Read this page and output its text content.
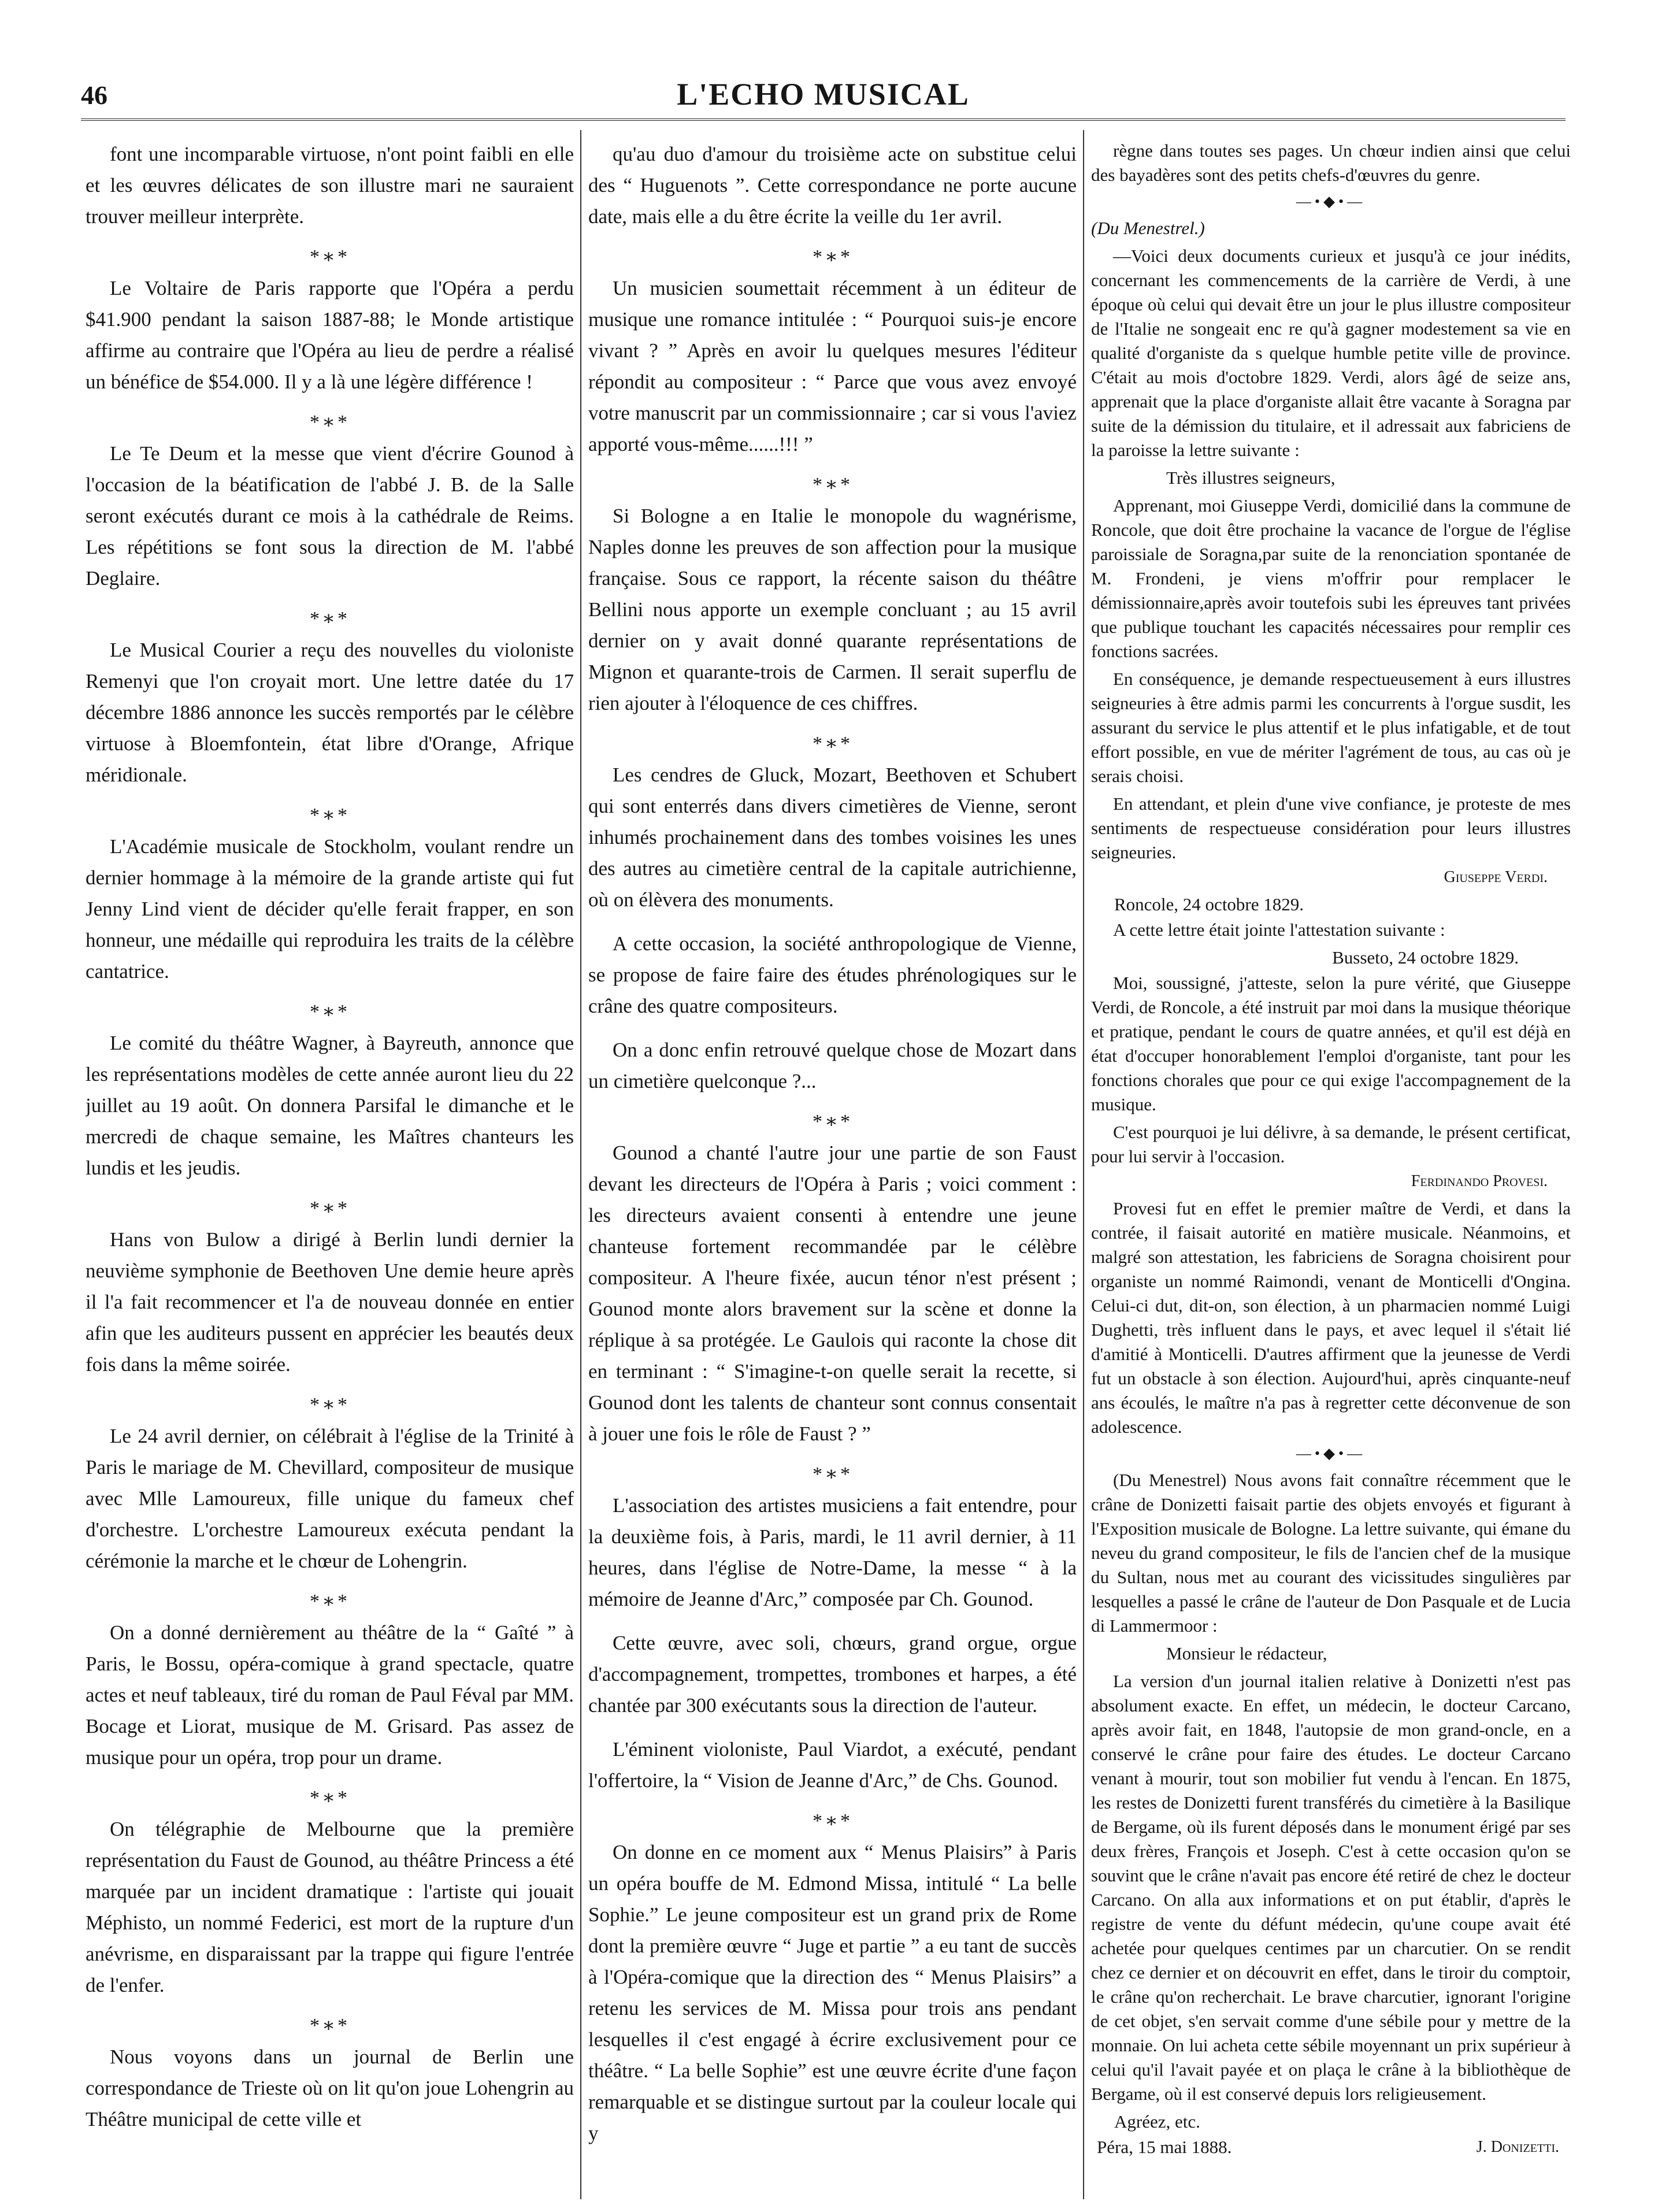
46	L'ECHO MUSICAL

font une incomparable virtuose, n'ont point faibli en elle et les œuvres délicates de son illustre mari ne sauraient trouver meilleur interprète.

*∗*

Le Voltaire de Paris rapporte que l'Opéra a perdu $41.900 pendant la saison 1887-88; le Monde artistique affirme au contraire que l'Opéra au lieu de perdre a réalisé un bénéfice de $54.000. Il y a là une légère différence !

*∗*

Le Te Deum et la messe que vient d'écrire Gounod à l'occasion de la béatification de l'abbé J. B. de la Salle seront exécutés durant ce mois à la cathédrale de Reims. Les répétitions se font sous la direction de M. l'abbé Deglaire.

*∗*

Le Musical Courier a reçu des nouvelles du violoniste Remenyi que l'on croyait mort. Une lettre datée du 17 décembre 1886 annonce les succès remportés par le célèbre virtuose à Bloemfontein, état libre d'Orange, Afrique méridionale.

*∗*

L'Académie musicale de Stockholm, voulant rendre un dernier hommage à la mémoire de la grande artiste qui fut Jenny Lind vient de décider qu'elle ferait frapper, en son honneur, une médaille qui reproduira les traits de la célèbre cantatrice.

*∗*

Le comité du théâtre Wagner, à Bayreuth, annonce que les représentations modèles de cette année auront lieu du 22 juillet au 19 août. On donnera Parsifal le dimanche et le mercredi de chaque semaine, les Maîtres chanteurs les lundis et les jeudis.

*∗*

Hans von Bulow a dirigé à Berlin lundi dernier la neuvième symphonie de Beethoven Une demie heure après il l'a fait recommencer et l'a de nouveau donnée en entier afin que les auditeurs pussent en apprécier les beautés deux fois dans la même soirée.

*∗*

Le 24 avril dernier, on célébrait à l'église de la Trinité à Paris le mariage de M. Chevillard, compositeur de musique avec Mlle Lamoureux, fille unique du fameux chef d'orchestre. L'orchestre Lamoureux exécuta pendant la cérémonie la marche et le chœur de Lohengrin.

*∗*

On a donné dernièrement au théâtre de la “ Gaîté ” à Paris, le Bossu, opéra-comique à grand spectacle, quatre actes et neuf tableaux, tiré du roman de Paul Féval par MM. Bocage et Liorat, musique de M. Grisard. Pas assez de musique pour un opéra, trop pour un drame.

*∗*

On télégraphie de Melbourne que la première représentation du Faust de Gounod, au théâtre Princess a été marquée par un incident dramatique : l'artiste qui jouait Méphisto, un nommé Federici, est mort de la rupture d'un anévrisme, en disparaissant par la trappe qui figure l'entrée de l'enfer.

*∗*

Nous voyons dans un journal de Berlin une correspondance de Trieste où on lit qu'on joue Lohengrin au Théâtre municipal de cette ville et

qu'au duo d'amour du troisième acte on substitue celui des “ Huguenots ”. Cette correspondance ne porte aucune date, mais elle a du être écrite la veille du 1er avril.

*∗*

Un musicien soumettait récemment à un éditeur de musique une romance intitulée : “ Pourquoi suis-je encore vivant ? ” Après en avoir lu quelques mesures l'éditeur répondit au compositeur : “ Parce que vous avez envoyé votre manuscrit par un commissionnaire ; car si vous l'aviez apporté vous-même......!!! ”

*∗*

Si Bologne a en Italie le monopole du wagnérisme, Naples donne les preuves de son affection pour la musique française. Sous ce rapport, la récente saison du théâtre Bellini nous apporte un exemple concluant ; au 15 avril dernier on y avait donné quarante représentations de Mignon et quarante-trois de Carmen. Il serait superflu de rien ajouter à l'éloquence de ces chiffres.

*∗*

Les cendres de Gluck, Mozart, Beethoven et Schubert qui sont enterrés dans divers cimetières de Vienne, seront inhumés prochainement dans des tombes voisines les unes des autres au cimetière central de la capitale autrichienne, où on élèvera des monuments.

A cette occasion, la société anthropologique de Vienne, se propose de faire faire des études phrénologiques sur le crâne des quatre compositeurs.

On a donc enfin retrouvé quelque chose de Mozart dans un cimetière quelconque ?...

*∗*

Gounod a chanté l'autre jour une partie de son Faust devant les directeurs de l'Opéra à Paris ; voici comment : les directeurs avaient consenti à entendre une jeune chanteuse fortement recommandée par le célèbre compositeur. A l'heure fixée, aucun ténor n'est présent ; Gounod monte alors bravement sur la scène et donne la réplique à sa protégée. Le Gaulois qui raconte la chose dit en terminant : “ S'imagine-t-on quelle serait la recette, si Gounod dont les talents de chanteur sont connus consentait à jouer une fois le rôle de Faust ? ”

*∗*

L'association des artistes musiciens a fait entendre, pour la deuxième fois, à Paris, mardi, le 11 avril dernier, à 11 heures, dans l'église de Notre-Dame, la messe “ à la mémoire de Jeanne d'Arc,” composée par Ch. Gounod.

Cette œuvre, avec soli, chœurs, grand orgue, orgue d'accompagnement, trompettes, trombones et harpes, a été chantée par 300 exécutants sous la direction de l'auteur.

L'éminent violoniste, Paul Viardot, a exécuté, pendant l'offertoire, la “ Vision de Jeanne d'Arc,” de Chs. Gounod.

*∗*

On donne en ce moment aux “ Menus Plaisirs” à Paris un opéra bouffe de M. Edmond Missa, intitulé “ La belle Sophie.” Le jeune compositeur est un grand prix de Rome dont la première œuvre “ Juge et partie ” a eu tant de succès à l'Opéra-comique que la direction des “ Menus Plaisirs” a retenu les services de M. Missa pour trois ans pendant lesquelles il c'est engagé à écrire exclusivement pour ce théâtre. “ La belle Sophie” est une œuvre écrite d'une façon remarquable et se distingue surtout par la couleur locale qui y

règne dans toutes ses pages. Un chœur indien ainsi que celui des bayadères sont des petits chefs-d'œuvres du genre.

—•◆•—

(Du Menestrel.)

—Voici deux documents curieux et jusqu'à ce jour inédits, concernant les commencements de la carrière de Verdi, à une époque où celui qui devait être un jour le plus illustre compositeur de l'Italie ne songeait enc re qu'à gagner modestement sa vie en qualité d'organiste da s quelque humble petite ville de province. C'était au mois d'octobre 1829. Verdi, alors âgé de seize ans, apprenait que la place d'organiste allait être vacante à Soragna par suite de la démission du titulaire, et il adressait aux fabriciens de la paroisse la lettre suivante :

Très illustres seigneurs,

Apprenant, moi Giuseppe Verdi, domicilié dans la commune de Roncole, que doit être prochaine la vacance de l'orgue de l'église paroissiale de Soragna,par suite de la renonciation spontanée de M. Frondeni, je viens m'offrir pour remplacer le démissionnaire,après avoir toutefois subi les épreuves tant privées que publique touchant les capacités nécessaires pour remplir ces fonctions sacrées.

En conséquence, je demande respectueusement à eurs illustres seigneuries à être admis parmi les concurrents à l'orgue susdit, les assurant du service le plus attentif et le plus infatigable, et de tout effort possible, en vue de mériter l'agrément de tous, au cas où je serais choisi.

En attendant, et plein d'une vive confiance, je proteste de mes sentiments de respectueuse considération pour leurs illustres seigneuries.

Giuseppe Verdi.
Roncole, 24 octobre 1829.

A cette lettre était jointe l'attestation suivante :

Busseto, 24 octobre 1829.

Moi, soussigné, j'atteste, selon la pure vérité, que Giuseppe Verdi, de Roncole, a été instruit par moi dans la musique théorique et pratique, pendant le cours de quatre années, et qu'il est déjà en état d'occuper honorablement l'emploi d'organiste, tant pour les fonctions chorales que pour ce qui exige l'accompagnement de la musique.

C'est pourquoi je lui délivre, à sa demande, le présent certificat, pour lui servir à l'occasion.

Ferdinando Provesi.

Provesi fut en effet le premier maître de Verdi, et dans la contrée, il faisait autorité en matière musicale. Néanmoins, et malgré son attestation, les fabriciens de Soragna choisirent pour organiste un nommé Raimondi, venant de Monticelli d'Ongina. Celui-ci dut, dit-on, son élection, à un pharmacien nommé Luigi Dughetti, très influent dans le pays, et avec lequel il s'était lié d'amitié à Monticelli. D'autres affirment que la jeunesse de Verdi fut un obstacle à son élection. Aujourd'hui, après cinquante-neuf ans écoulés, le maître n'a pas à regretter cette déconvenue de son adolescence.

—•◆•—

(Du Menestrel) Nous avons fait connaître récemment que le crâne de Donizetti faisait partie des objets envoyés et figurant à l'Exposition musicale de Bologne. La lettre suivante, qui émane du neveu du grand compositeur, le fils de l'ancien chef de la musique du Sultan, nous met au courant des vicissitudes singulières par lesquelles a passé le crâne de l'auteur de Don Pasquale et de Lucia di Lammermoor :

Monsieur le rédacteur,

La version d'un journal italien relative à Donizetti n'est pas absolument exacte. En effet, un médecin, le docteur Carcano, après avoir fait, en 1848, l'autopsie de mon grand-oncle, en a conservé le crâne pour faire des études. Le docteur Carcano venant à mourir, tout son mobilier fut vendu à l'encan. En 1875, les restes de Donizetti furent transférés du cimetière à la Basilique de Bergame, où ils furent déposés dans le monument érigé par ses deux frères, François et Joseph. C'est à cette occasion qu'on se souvint que le crâne n'avait pas encore été retiré de chez le docteur Carcano. On alla aux informations et on put établir, d'après le registre de vente du défunt médecin, qu'une coupe avait été achetée pour quelques centimes par un charcutier. On se rendit chez ce dernier et on découvrit en effet, dans le tiroir du comptoir, le crâne qu'on recherchait. Le brave charcutier, ignorant l'origine de cet objet, s'en servait comme d'une sébile pour y mettre de la monnaie. On lui acheta cette sébile moyennant un prix supérieur à celui qu'il l'avait payée et on plaça le crâne à la bibliothèque de Bergame, où il est conservé depuis lors religieusement.

Agréez, etc.
Péra, 15 mai 1888.	J. Donizetti.
